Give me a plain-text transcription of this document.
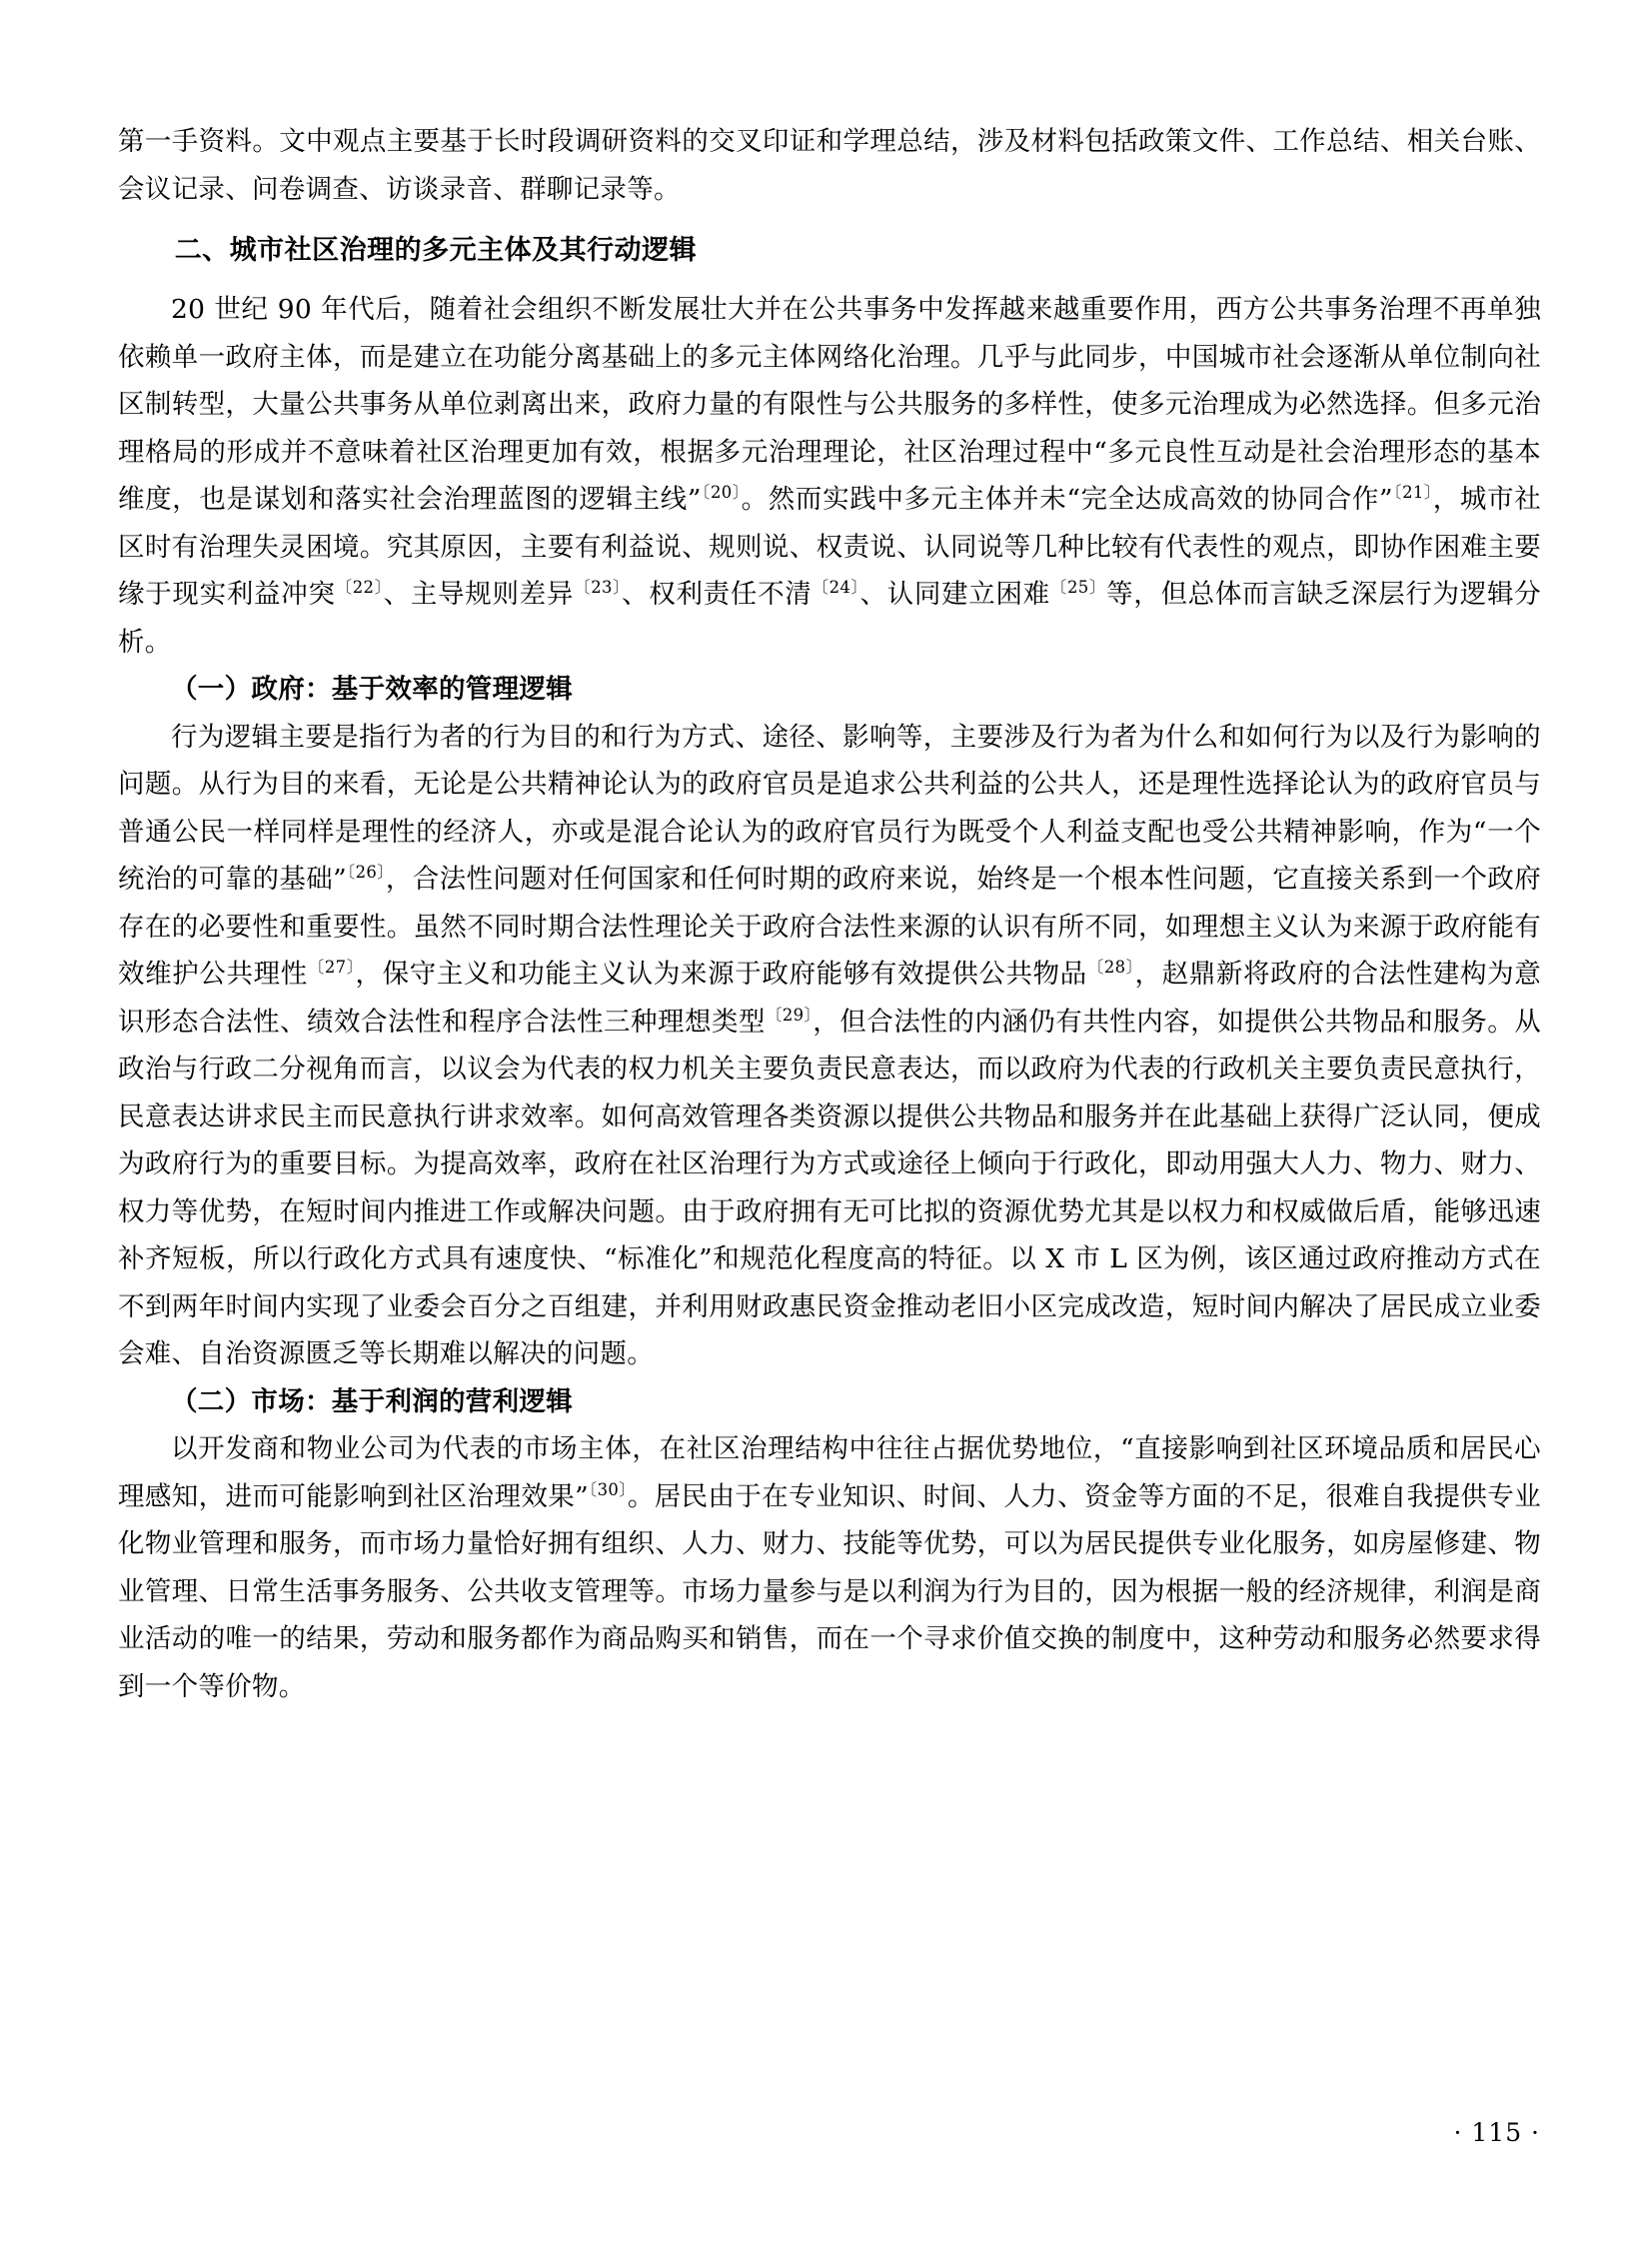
第一手资料。文中观点主要基于长时段调研资料的交叉印证和学理总结，涉及材料包括政策文件、工作总结、相关台账、会议记录、问卷调查、访谈录音、群聊记录等。

二、城市社区治理的多元主体及其行动逻辑

20 世纪 90 年代后，随着社会组织不断发展壮大并在公共事务中发挥越来越重要作用，西方公共事务治理不再单独依赖单一政府主体，而是建立在功能分离基础上的多元主体网络化治理。几乎与此同步，中国城市社会逐渐从单位制向社区制转型，大量公共事务从单位剥离出来，政府力量的有限性与公共服务的多样性，使多元治理成为必然选择。但多元治理格局的形成并不意味着社区治理更加有效，根据多元治理理论，社区治理过程中“多元良性互动是社会治理形态的基本维度，也是谋划和落实社会治理蓝图的逻辑主线”$^{〔20〕}$。然而实践中多元主体并未“完全达成高效的协同合作”$^{〔21〕}$，城市社区时有治理失灵困境。究其原因，主要有利益说、规则说、权责说、认同说等几种比较有代表性的观点，即协作困难主要缘于现实利益冲突$^{〔22〕}$、主导规则差异$^{〔23〕}$、权利责任不清$^{〔24〕}$、认同建立困难$^{〔25〕}$等，但总体而言缺乏深层行为逻辑分析。

（一）政府：基于效率的管理逻辑

行为逻辑主要是指行为者的行为目的和行为方式、途径、影响等，主要涉及行为者为什么和如何行为以及行为影响的问题。从行为目的来看，无论是公共精神论认为的政府官员是追求公共利益的公共人，还是理性选择论认为的政府官员与普通公民一样同样是理性的经济人，亦或是混合论认为的政府官员行为既受个人利益支配也受公共精神影响，作为“一个统治的可靠的基础”$^{〔26〕}$，合法性问题对任何国家和任何时期的政府来说，始终是一个根本性问题，它直接关系到一个政府存在的必要性和重要性。虽然不同时期合法性理论关于政府合法性来源的认识有所不同，如理想主义认为来源于政府能有效维护公共理性$^{〔27〕}$，保守主义和功能主义认为来源于政府能够有效提供公共物品$^{〔28〕}$，赵鼎新将政府的合法性建构为意识形态合法性、绩效合法性和程序合法性三种理想类型$^{〔29〕}$，但合法性的内涵仍有共性内容，如提供公共物品和服务。从政治与行政二分视角而言，以议会为代表的权力机关主要负责民意表达，而以政府为代表的行政机关主要负责民意执行，民意表达讲求民主而民意执行讲求效率。如何高效管理各类资源以提供公共物品和服务并在此基础上获得广泛认同，便成为政府行为的重要目标。为提高效率，政府在社区治理行为方式或途径上倾向于行政化，即动用强大人力、物力、财力、权力等优势，在短时间内推进工作或解决问题。由于政府拥有无可比拟的资源优势尤其是以权力和权威做后盾，能够迅速补齐短板，所以行政化方式具有速度快、“标准化”和规范化程度高的特征。以 X 市 L 区为例，该区通过政府推动方式在不到两年时间内实现了业委会百分之百组建，并利用财政惠民资金推动老旧小区完成改造，短时间内解决了居民成立业委会难、自治资源匮乏等长期难以解决的问题。

（二）市场：基于利润的营利逻辑

以开发商和物业公司为代表的市场主体，在社区治理结构中往往占据优势地位，“直接影响到社区环境品质和居民心理感知，进而可能影响到社区治理效果”$^{〔30〕}$。居民由于在专业知识、时间、人力、资金等方面的不足，很难自我提供专业化物业管理和服务，而市场力量恰好拥有组织、人力、财力、技能等优势，可以为居民提供专业化服务，如房屋修建、物业管理、日常生活事务服务、公共收支管理等。市场力量参与是以利润为行为目的，因为根据一般的经济规律，利润是商业活动的唯一的结果，劳动和服务都作为商品购买和销售，而在一个寻求价值交换的制度中，这种劳动和服务必然要求得到一个等价物。

· 115 ·
